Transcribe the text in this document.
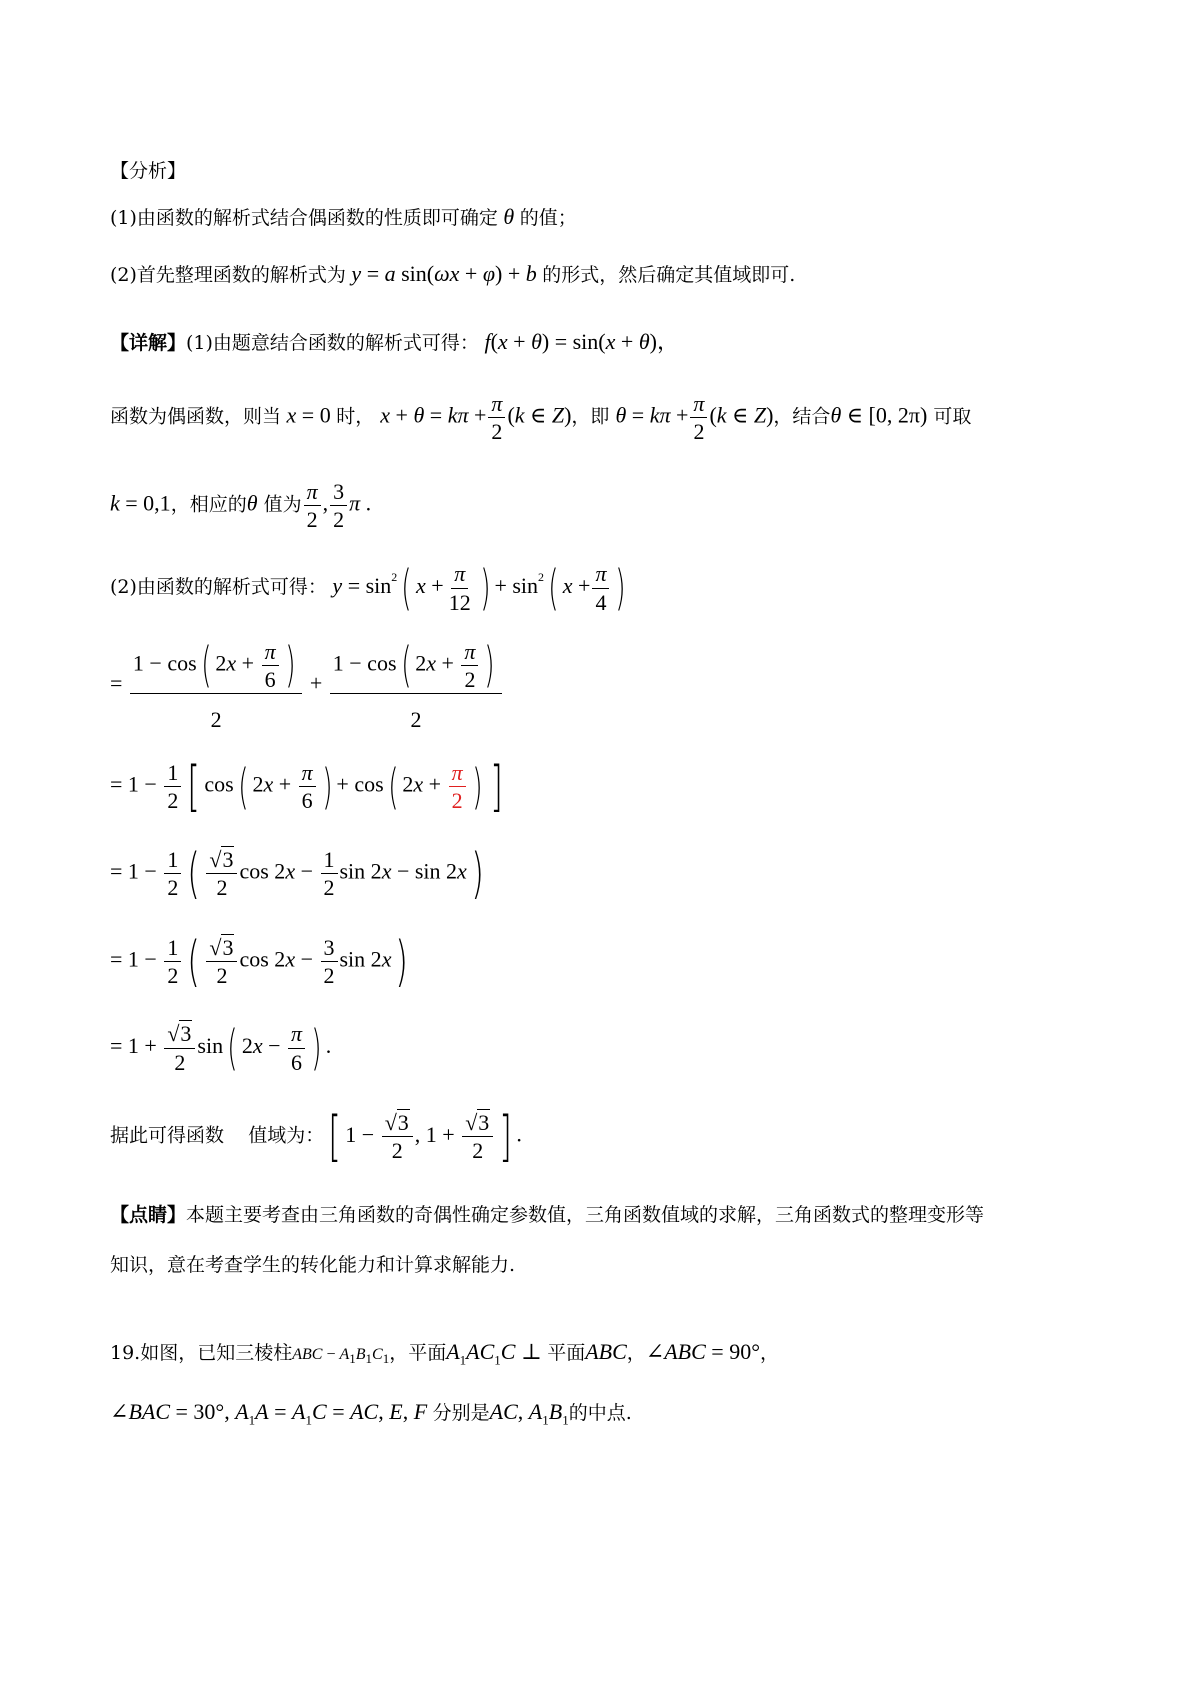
【分析】
(1)由函数的解析式结合偶函数的性质即可确定 θ 的值；
(2)首先整理函数的解析式为 y = a sin(ωx + φ) + b 的形式，然后确定其值域即可.
【详解】(1)由题意结合函数的解析式可得： f(x + θ) = sin(x + θ)，
函数为偶函数，则当 x = 0 时， $x + \theta = k\pi + \frac{\pi}{2} (k$ ∈ Z)，即 $\theta = k\pi + \frac{\pi}{2} (k$ ∈ Z)，结合θ ∈ [0, 2π) 可取
k = 0,1，相应的θ 值为 $\frac{\pi}{2}$ , $\frac{3}{2}$ π .
(2)由函数的解析式可得： $y = \sin^2$( $x + \frac{\pi}{12}$ ) + $\sin^2$( $x + \frac{\pi}{4}$ )
= $\frac{1 - \cos( 2x + \frac{\pi}{6} )}{2} + \frac{1 - \cos( 2x + \frac{\pi}{2} )}{2}$
= $1 - \frac{1}{2}$ [ cos( $2x + \frac{\pi}{6}$ ) + cos( $2x + \frac{\pi}{2}$ ) ]
= $1 - \frac{1}{2}$ ( $\frac{√3}{2}$ $\cos 2x - \frac{1}{2}$ sin 2x − sin 2x)
= $1 - \frac{1}{2}$ ( $\frac{√3}{2}$ $\cos 2x - \frac{3}{2}$ sin 2x)
= $1 + \frac{√3}{2} \sin$( $2x - \frac{\pi}{6}$ ) .
据此可得函数 值域为：[ $1 - \frac{√3}{2}$ , $1 + \frac{√3}{2}$ ] .
【点睛】本题主要考查由三角函数的奇偶性确定参数值，三角函数值域的求解，三角函数式的整理变形等
知识，意在考查学生的转化能力和计算求解能力.
19.如图，已知三棱柱ABC − $A_1B_1C_1$，平面$A_1AC_1C$ ⊥ 平面ABC，∠ABC = 90°，
∠BAC = 30°, $A_1A = A_1C$ = AC, E, F 分别是AC, $A_1B_1$的中点.
